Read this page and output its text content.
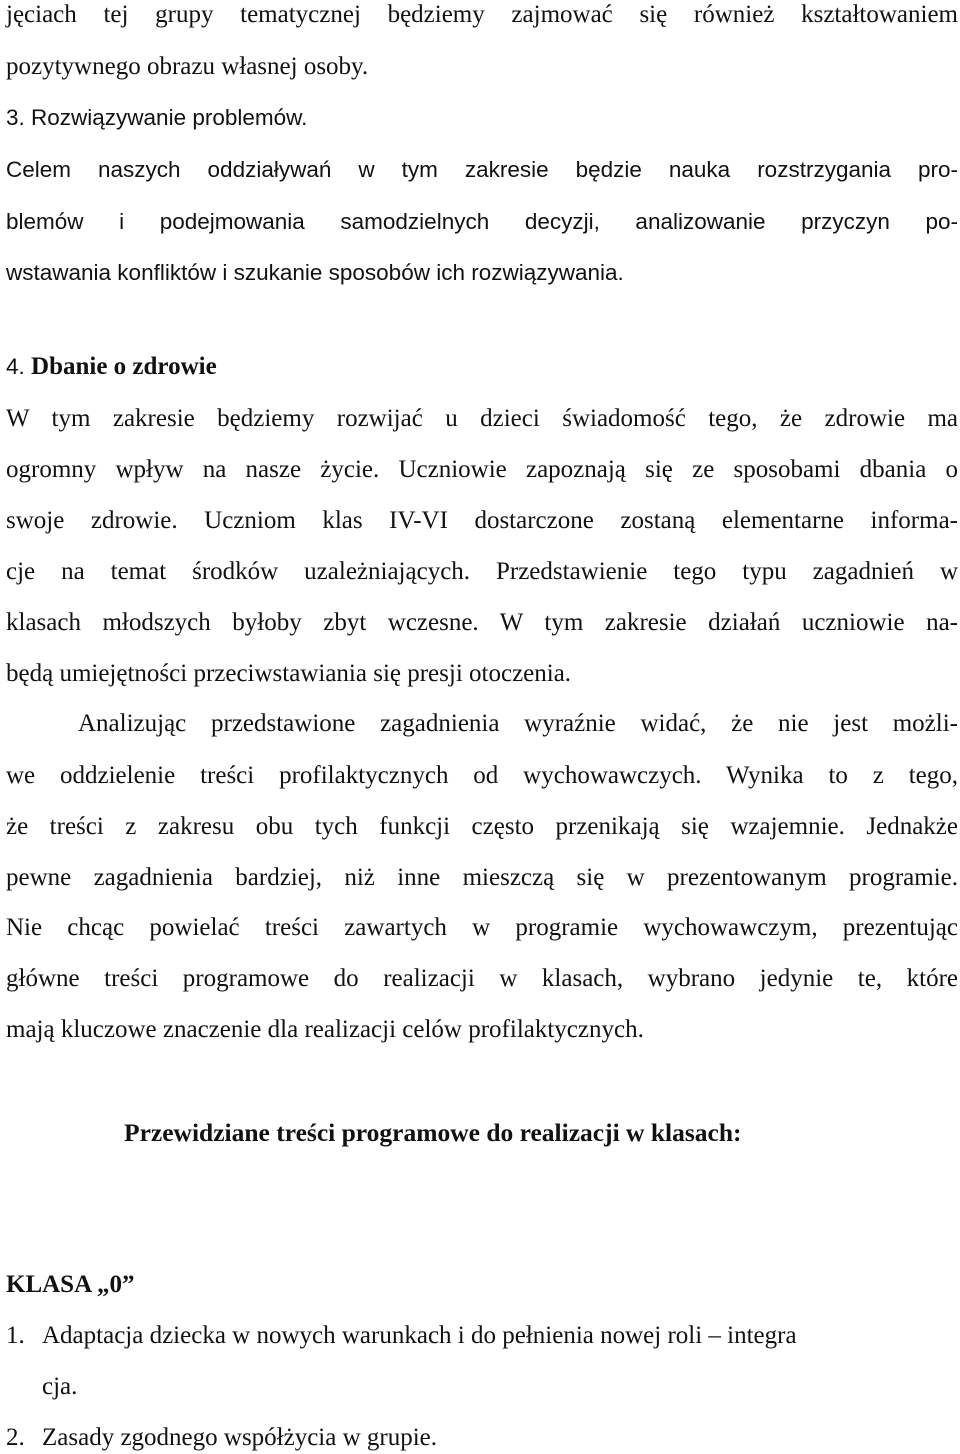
jęciach tej grupy tematycznej będziemy zajmować się również kształtowaniem
pozytywnego obrazu własnej osoby.
3. Rozwiązywanie problemów.
Celem naszych oddziaływań w tym zakresie będzie nauka rozstrzygania pro-
blemów i podejmowania samodzielnych decyzji, analizowanie przyczyn po-
wstawania konfliktów i szukanie sposobów ich rozwiązywania.
4. Dbanie o zdrowie
W tym zakresie będziemy rozwijać u dzieci świadomość tego, że zdrowie ma
ogromny wpływ na nasze życie. Uczniowie zapoznają się ze sposobami dbania o
swoje zdrowie. Uczniom klas IV-VI dostarczone zostaną elementarne informa-
cje na temat środków uzależniających. Przedstawienie tego typu zagadnień w
klasach młodszych byłoby zbyt wczesne. W tym zakresie działań uczniowie na-
będą umiejętności przeciwstawiania się presji otoczenia.
Analizując przedstawione zagadnienia wyraźnie widać, że nie jest możli-
we oddzielenie treści profilaktycznych od wychowawczych. Wynika to z tego,
że treści z zakresu obu tych funkcji często przenikają się wzajemnie. Jednakże
pewne zagadnienia bardziej, niż inne mieszczą się w prezentowanym programie.
Nie chcąc powielać treści zawartych w programie wychowawczym, prezentując
główne treści programowe do realizacji w klasach, wybrano jedynie te, które
mają kluczowe znaczenie dla realizacji celów profilaktycznych.
Przewidziane treści programowe do realizacji w klasach:
KLASA „0”
1. Adaptacja dziecka w nowych warunkach i do pełnienia nowej roli – integra
cja.
2. Zasady zgodnego współżycia w grupie.
